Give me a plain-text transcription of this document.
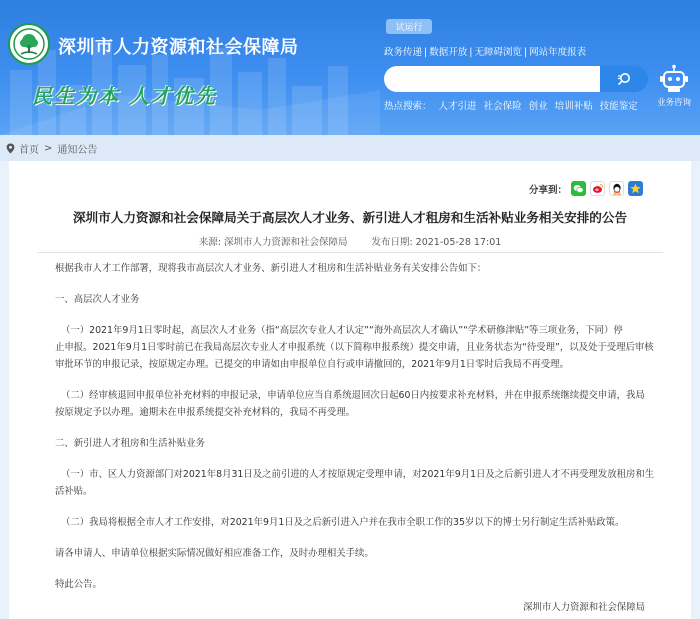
深圳市人力资源和社会保障局
民生为本 人才优先
试运行
政务传递 | 数据开放 | 无障碍浏览 | 网站年度报表
热点搜索： 人才引进 社会保险 创业 培训补贴 技能鉴定	业务咨询
首页 > 通知公告
分享到：
深圳市人力资源和社会保障局关于高层次人才业务、新引进人才租房和生活补贴业务相关安排的公告
来源: 深圳市人力资源和社会保障局	发布日期: 2021-05-28 17:01

根据我市人才工作部署，现将我市高层次人才业务、新引进人才租房和生活补贴业务有关安排公告如下：

一、高层次人才业务

（一）2021年9月1日零时起，高层次人才业务（指“高层次专业人才认定”“海外高层次人才确认”“学术研修津贴”等三项业务，下同）停

止申报。2021年9月1日零时前已在我局高层次专业人才申报系统（以下简称申报系统）提交申请，且业务状态为“待受理”，以及处于受理后审核

审批环节的申报记录，按原规定办理。已提交的申请如由申报单位自行或申请撤回的，2021年9月1日零时后我局不再受理。

（二）经审核退回申报单位补充材料的申报记录，申请单位应当自系统退回次日起60日内按要求补充材料，并在申报系统继续提交申请，我局

按原规定予以办理。逾期未在申报系统提交补充材料的，我局不再受理。

二、新引进人才租房和生活补贴业务

（一）市、区人力资源部门对2021年8月31日及之前引进的人才按原规定受理申请，对2021年9月1日及之后新引进人才不再受理发放租房和生

活补贴。

（二）我局将根据全市人才工作安排，对2021年9月1日及之后新引进入户并在我市全职工作的35岁以下的博士另行制定生活补贴政策。

请各申请人、申请单位根据实际情况做好相应准备工作，及时办理相关手续。

特此公告。

深圳市人力资源和社会保障局
